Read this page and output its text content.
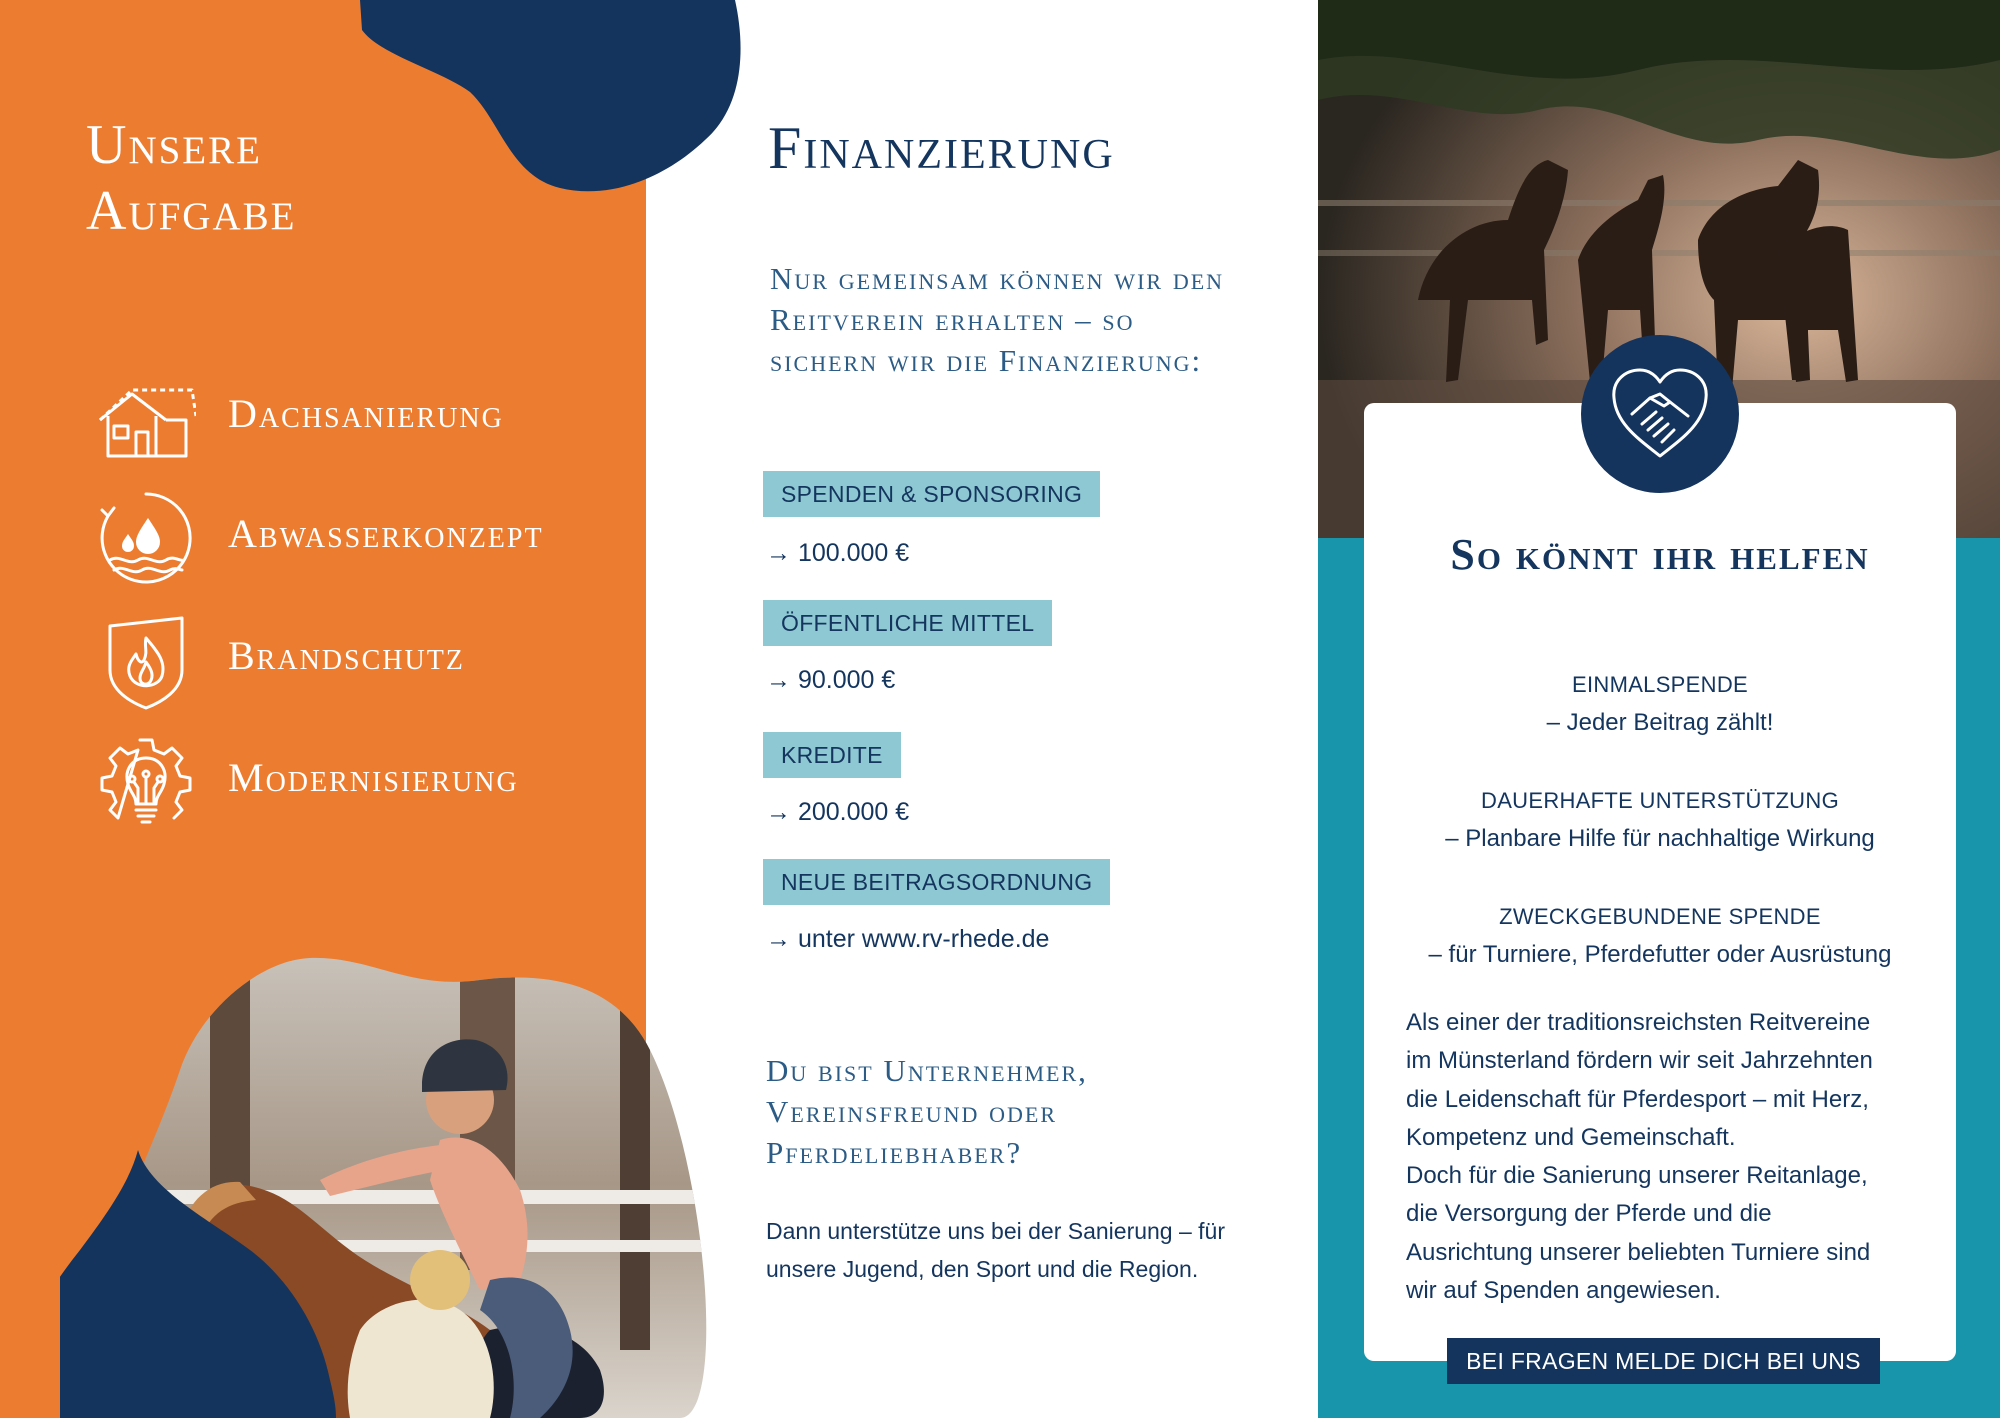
Unsere
Aufgabe
Dachsanierung
Abwasserkonzept
Brandschutz
Modernisierung
Finanzierung

Nur gemeinsam können wir den Reitverein erhalten – so sichern wir die Finanzierung:

SPENDEN & SPONSORING
→ 100.000 €
ÖFFENTLICHE MITTEL
→ 90.000 €
KREDITE
→ 200.000 €
NEUE BEITRAGSORDNUNG
→ unter www.rv-rhede.de

Du bist Unternehmer, Vereinsfreund oder Pferdeliebhaber?

Dann unterstütze uns bei der Sanierung – für unsere Jugend, den Sport und die Region.

So könnt ihr helfen
EINMALSPENDE
– Jeder Beitrag zählt!
DAUERHAFTE UNTERSTÜTZUNG
– Planbare Hilfe für nachhaltige Wirkung
ZWECKGEBUNDENE SPENDE
– für Turniere, Pferdefutter oder Ausrüstung

Als einer der traditionsreichsten Reitvereine
im Münsterland fördern wir seit Jahrzehnten
die Leidenschaft für Pferdesport – mit Herz,
Kompetenz und Gemeinschaft.
Doch für die Sanierung unserer Reitanlage,
die Versorgung der Pferde und die
Ausrichtung unserer beliebten Turniere sind
wir auf Spenden angewiesen.

BEI FRAGEN MELDE DICH BEI UNS
